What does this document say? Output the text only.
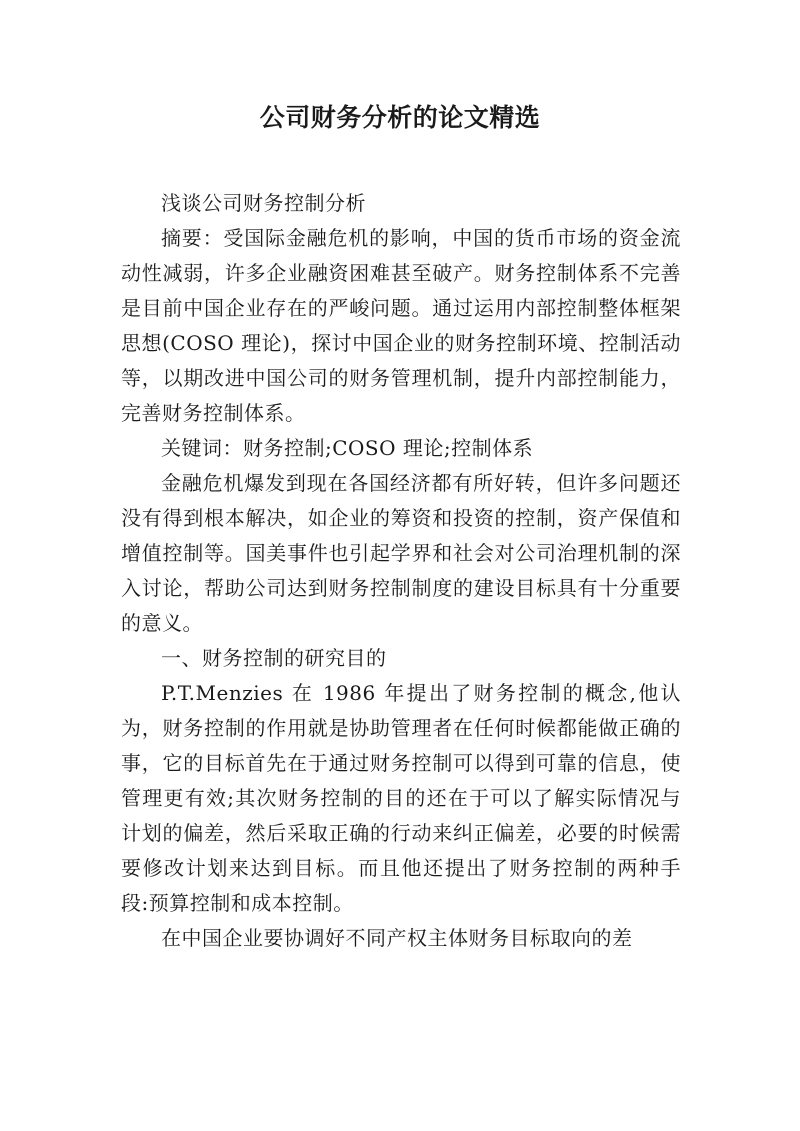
公司财务分析的论文精选

浅谈公司财务控制分析

摘要：受国际金融危机的影响，中国的货币市场的资金流动性减弱，许多企业融资困难甚至破产。财务控制体系不完善是目前中国企业存在的严峻问题。通过运用内部控制整体框架思想(COSO 理论)，探讨中国企业的财务控制环境、控制活动等，以期改进中国公司的财务管理机制，提升内部控制能力，完善财务控制体系。

关键词：财务控制;COSO 理论;控制体系

金融危机爆发到现在各国经济都有所好转，但许多问题还没有得到根本解决，如企业的筹资和投资的控制，资产保值和增值控制等。国美事件也引起学界和社会对公司治理机制的深入讨论，帮助公司达到财务控制制度的建设目标具有十分重要的意义。

一、财务控制的研究目的

P.T.Menzies 在 1986 年提出了财务控制的概念,他认为，财务控制的作用就是协助管理者在任何时候都能做正确的事，它的目标首先在于通过财务控制可以得到可靠的信息，使管理更有效;其次财务控制的目的还在于可以了解实际情况与计划的偏差，然后采取正确的行动来纠正偏差，必要的时候需要修改计划来达到目标。而且他还提出了财务控制的两种手段:预算控制和成本控制。

在中国企业要协调好不同产权主体财务目标取向的差
